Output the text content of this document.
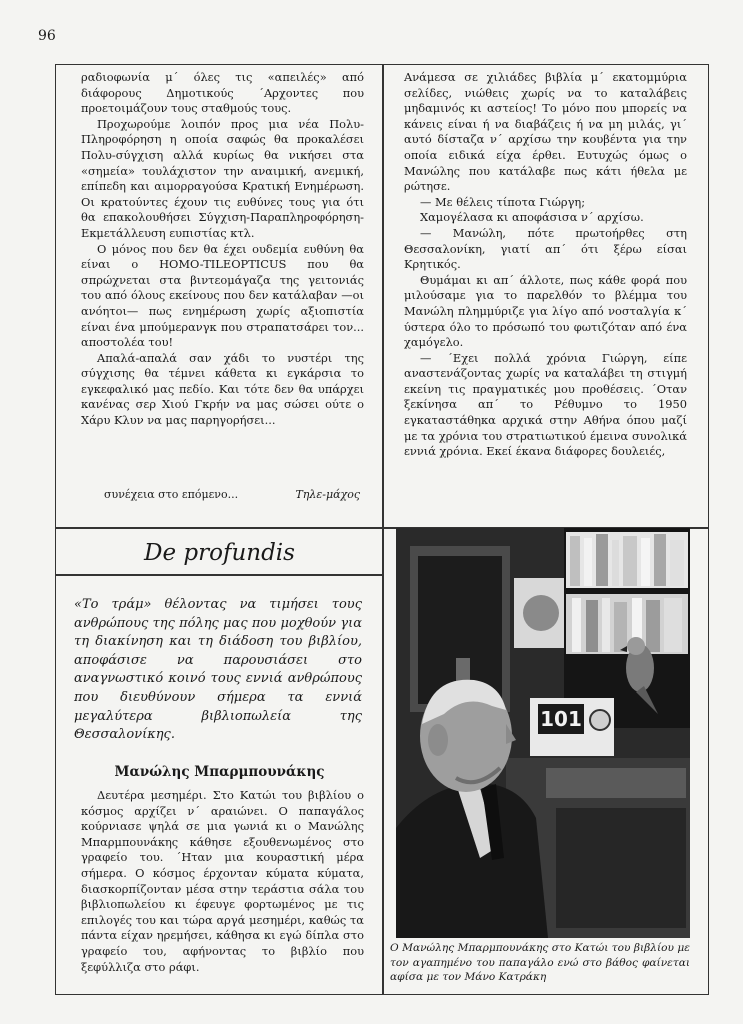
96

ραδιοφωνία μ΄ όλες τις «απειλές» από διάφορους Δημοτικούς ΄Αρχοντες που προετοιμάζουν τους σταθμούς τους.

Προχωρούμε λοιπόν προς μια νέα Πολυ-Πληροφόρηση η οποία σαφώς θα προκαλέσει Πολυ-σύγχιση αλλά κυρίως θα νικήσει στα «σημεία» τουλάχιστον την αναιμική, ανεμική, επίπεδη και αιμορραγούσα Κρατική Ενημέρωση. Οι κρατούντες έχουν τις ευθύνες τους για ότι θα επακολουθήσει Σύγχιση-Παραπληροφόρηση-Εκμετάλλευση ευπιστίας κτλ.

Ο μόνος που δεν θα έχει ουδεμία ευθύνη θα είναι ο HOMO-TILEOPTICUS που θα σπρώχνεται στα βιντεομάγαζα της γειτονιάς του από όλους εκείνους που δεν κατάλαβαν —οι ανόητοι— πως ενημέρωση χωρίς αξιοπιστία είναι ένα μπούμερανγκ που στραπατσάρει τον... αποστολέα του!

Απαλά-απαλά σαν χάδι το νυστέρι της σύγχισης θα τέμνει κάθετα κι εγκάρσια το εγκεφαλικό μας πεδίο. Και τότε δεν θα υπάρχει κανένας σερ Χιού Γκρήν να μας σώσει ούτε ο Χάρυ Κλυν να μας παρηγορήσει...

συνέχεια στο επόμενο...	Τηλε-μάχος

Ανάμεσα σε χιλιάδες βιβλία μ΄ εκατομμύρια σελίδες, νιώθεις χωρίς να το καταλάβεις μηδαμινός κι αστείος! Το μόνο που μπορείς να κάνεις είναι ή να διαβάζεις ή να μη μιλάς, γι΄ αυτό δίσταζα ν΄ αρχίσω την κουβέντα για την οποία ειδικά είχα έρθει. Ευτυχώς όμως ο Μανώλης που κατάλαβε πως κάτι ήθελα με ρώτησε.

— Με θέλεις τίποτα Γιώργη;

Χαμογέλασα κι αποφάσισα ν΄ αρχίσω.

— Μανώλη, πότε πρωτοήρθες στη Θεσσαλονίκη, γιατί απ΄ ότι ξέρω είσαι Κρητικός.

Θυμάμαι κι απ΄ άλλοτε, πως κάθε φορά που μιλούσαμε για το παρελθόν το βλέμμα του Μανώλη πλημμύριζε για λίγο από νοσταλγία κ΄ ύστερα όλο το πρόσωπό του φωτιζόταν από ένα χαμόγελο.

— ΄Εχει πολλά χρόνια Γιώργη, είπε αναστενάζοντας χωρίς να καταλάβει τη στιγμή εκείνη τις πραγματικές μου προθέσεις. ΄Οταν ξεκίνησα απ΄ το Ρέθυμνο το 1950 εγκαταστάθηκα αρχικά στην Αθήνα όπου μαζί με τα χρόνια του στρατιωτικού έμεινα συνολικά εννιά χρόνια. Εκεί έκανα διάφορες δουλειές,

De profundis

«Το τράμ» θέλοντας να τιμήσει τους ανθρώπους της πόλης μας που μοχθούν για τη διακίνηση και τη διάδοση του βιβλίου, αποφάσισε να παρουσιάσει στο αναγνωστικό κοινό τους εννιά ανθρώπους που διευθύνουν σήμερα τα εννιά μεγαλύτερα βιβλιοπωλεία της Θεσσαλονίκης.

Μανώλης Μπαρμπουνάκης

Δευτέρα μεσημέρι. Στο Κατώι του βιβλίου ο κόσμος αρχίζει ν΄ αραιώνει. Ο παπαγάλος κούρνιασε ψηλά σε μια γωνιά κι ο Μανώλης Μπαρμπουνάκης κάθησε εξουθενωμένος στο γραφείο του. ΄Ηταν μια κουραστική μέρα σήμερα. Ο κόσμος έρχονταν κύματα κύματα, διασκορπίζονταν μέσα στην τεράστια σάλα του βιβλιοπωλείου κι έφευγε φορτωμένος με τις επιλογές του και τώρα αργά μεσημέρι, καθώς τα πάντα είχαν ηρεμήσει, κάθησα κι εγώ δίπλα στο γραφείο του, αφήνοντας το βιβλίο που ξεφύλλιζα στο ράφι.

101

Ο Μανώλης Μπαρμπουνάκης στο Κατώι του βιβλίου με τον αγαπημένο του παπαγάλο ενώ στο βάθος φαίνεται αφίσα με τον Μάνο Κατράκη
